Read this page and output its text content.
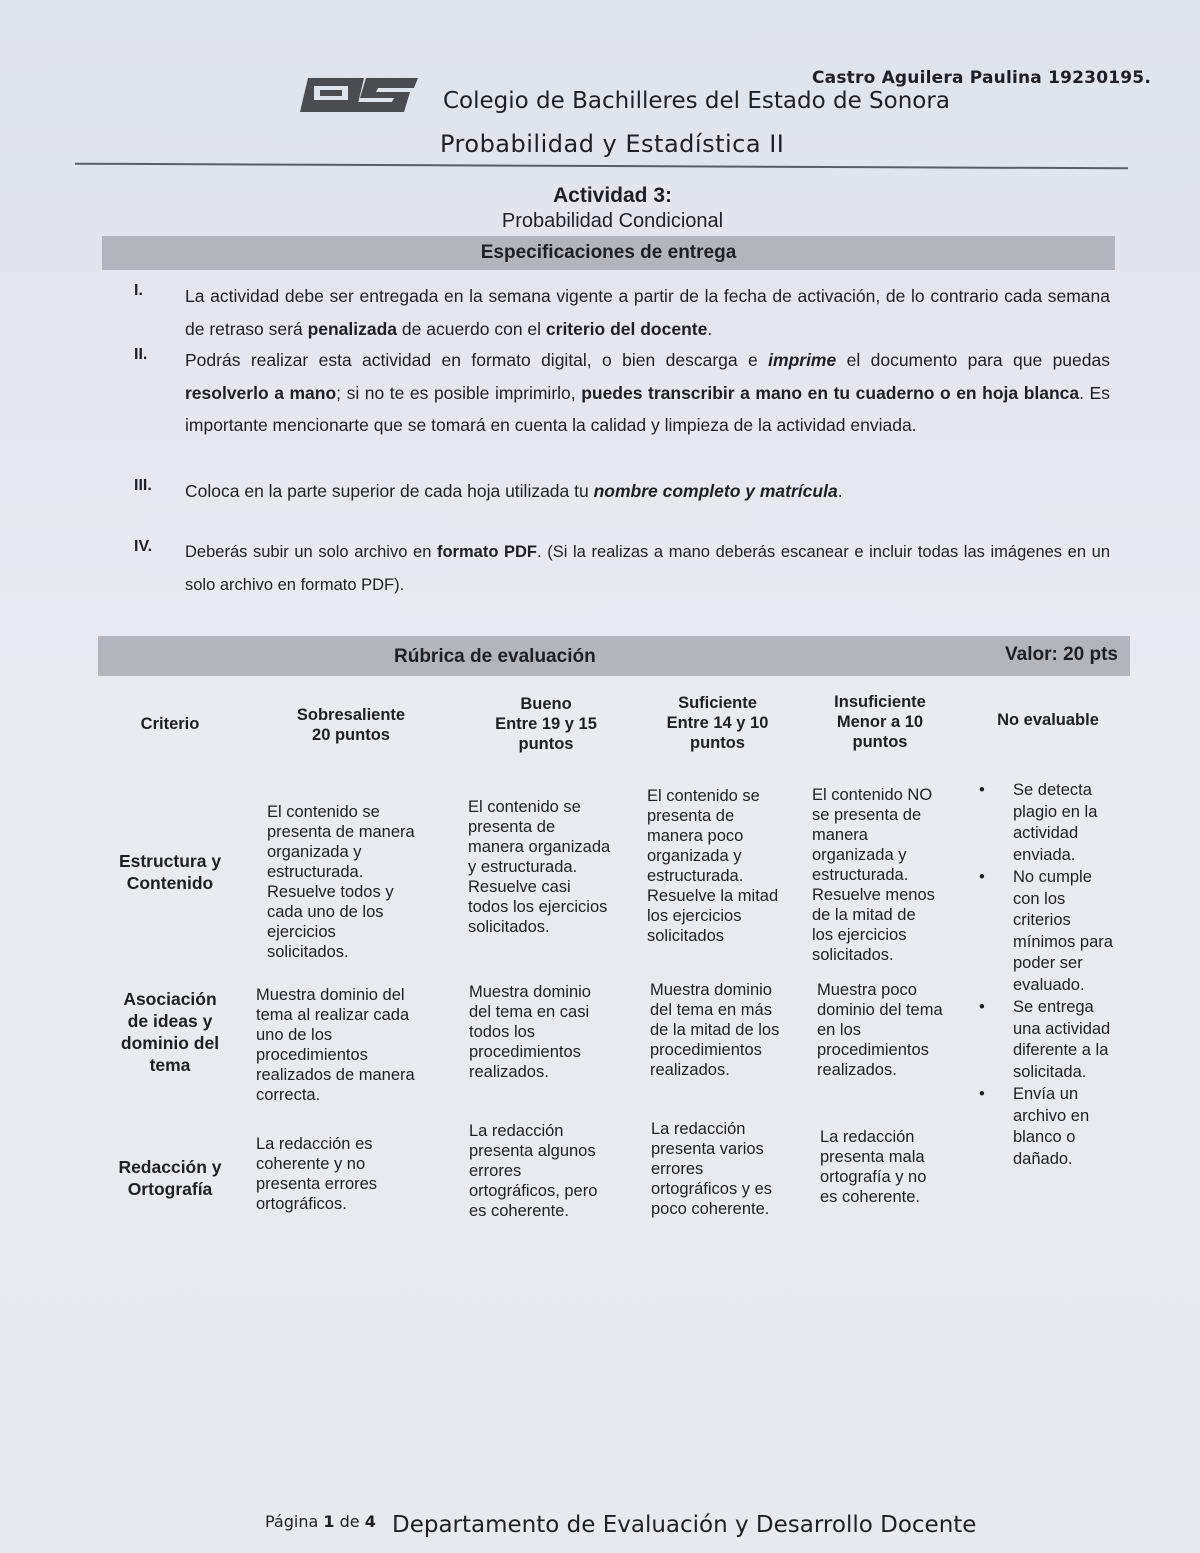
Castro Aguilera Paulina 19230195.
Colegio de Bachilleres del Estado de Sonora
Probabilidad y Estadística II
Actividad 3:
Probabilidad Condicional
Especificaciones de entrega
I. La actividad debe ser entregada en la semana vigente a partir de la fecha de activación, de lo contrario cada semana de retraso será penalizada de acuerdo con el criterio del docente.
II. Podrás realizar esta actividad en formato digital, o bien descarga e imprime el documento para que puedas resolverlo a mano; si no te es posible imprimirlo, puedes transcribir a mano en tu cuaderno o en hoja blanca. Es importante mencionarte que se tomará en cuenta la calidad y limpieza de la actividad enviada.
III. Coloca en la parte superior de cada hoja utilizada tu nombre completo y matrícula.
IV. Deberás subir un solo archivo en formato PDF. (Si la realizas a mano deberás escanear e incluir todas las imágenes en un solo archivo en formato PDF).
Rúbrica de evaluación	Valor: 20 pts
Criterio	Sobresaliente
20 puntos
Bueno
Entre 19 y 15
puntos
Suficiente
Entre 14 y 10
puntos
Insuficiente
Menor a 10
puntos
No evaluable
Estructura y
Contenido
El contenido se
presenta de manera
organizada y
estructurada.
Resuelve todos y
cada uno de los
ejercicios
solicitados.
El contenido se
presenta de
manera organizada
y estructurada.
Resuelve casi
todos los ejercicios
solicitados.
El contenido se
presenta de
manera poco
organizada y
estructurada.
Resuelve la mitad
los ejercicios
solicitados
El contenido NO
se presenta de
manera
organizada y
estructurada.
Resuelve menos
de la mitad de
los ejercicios
solicitados.
Asociación
de ideas y
dominio del
tema
Muestra dominio del
tema al realizar cada
uno de los
procedimientos
realizados de manera
correcta.
Muestra dominio
del tema en casi
todos los
procedimientos
realizados.
Muestra dominio
del tema en más
de la mitad de los
procedimientos
realizados.
Muestra poco
dominio del tema
en los
procedimientos
realizados.
Redacción y
Ortografía
La redacción es
coherente y no
presenta errores
ortográficos.
La redacción
presenta algunos
errores
ortográficos, pero
es coherente.
La redacción
presenta varios
errores
ortográficos y es
poco coherente.
La redacción
presenta mala
ortografía y no
es coherente.
• Se detecta
plagio en la
actividad
enviada.
• No cumple
con los
criterios
mínimos para
poder ser
evaluado.
• Se entrega
una actividad
diferente a la
solicitada.
• Envía un
archivo en
blanco o
dañado.
Página 1 de 4 Departamento de Evaluación y Desarrollo Docente
